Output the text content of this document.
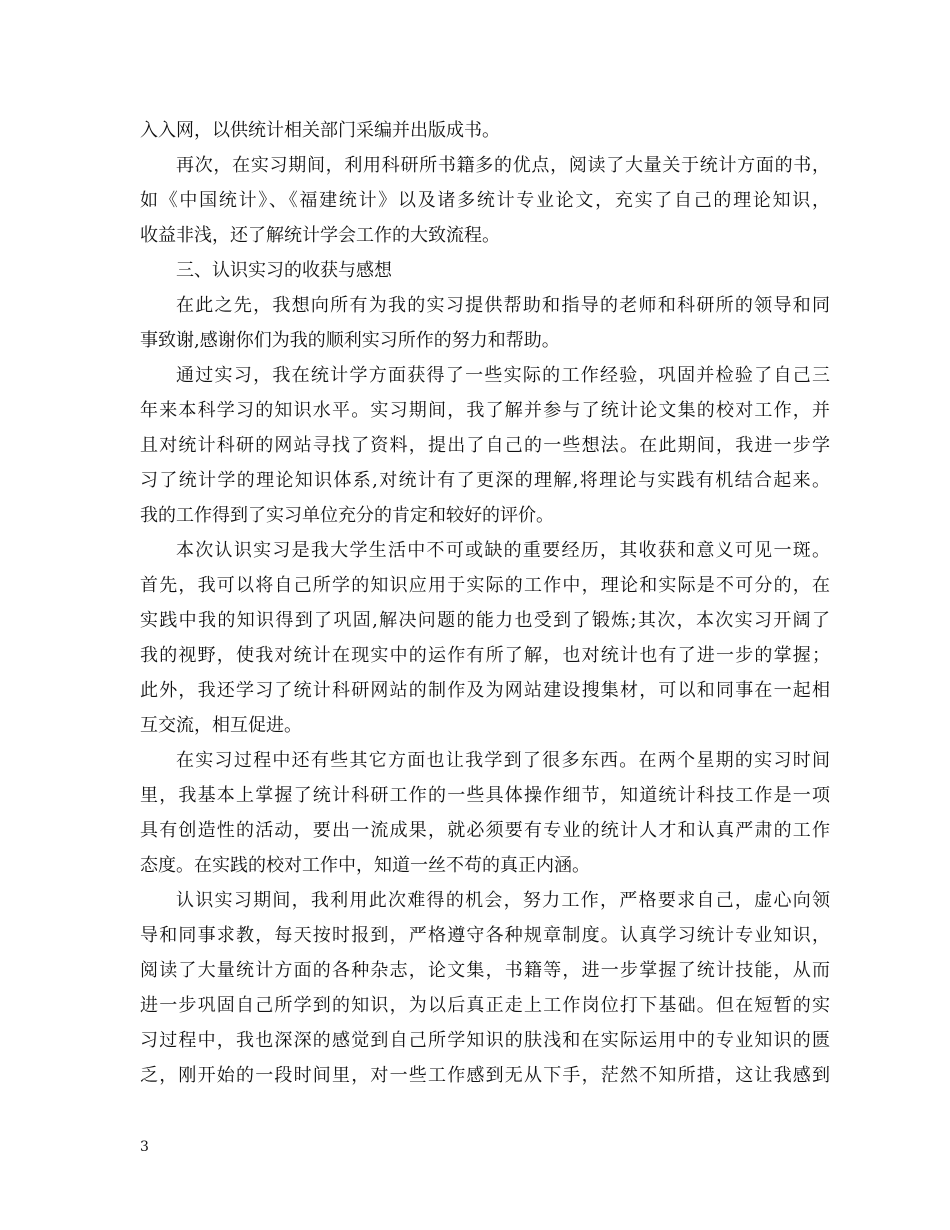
入入网，以供统计相关部门采编并出版成书。
再次，在实习期间，利用科研所书籍多的优点，阅读了大量关于统计方面的书，
如《中国统计》、《福建统计》以及诸多统计专业论文，充实了自己的理论知识，
收益非浅，还了解统计学会工作的大致流程。
三、认识实习的收获与感想
在此之先，我想向所有为我的实习提供帮助和指导的老师和科研所的领导和同
事致谢,感谢你们为我的顺利实习所作的努力和帮助。
通过实习，我在统计学方面获得了一些实际的工作经验，巩固并检验了自己三
年来本科学习的知识水平。实习期间，我了解并参与了统计论文集的校对工作，并
且对统计科研的网站寻找了资料，提出了自己的一些想法。在此期间，我进一步学
习了统计学的理论知识体系,对统计有了更深的理解,将理论与实践有机结合起来。
我的工作得到了实习单位充分的肯定和较好的评价。
本次认识实习是我大学生活中不可或缺的重要经历，其收获和意义可见一斑。
首先，我可以将自己所学的知识应用于实际的工作中，理论和实际是不可分的，在
实践中我的知识得到了巩固,解决问题的能力也受到了锻炼;其次，本次实习开阔了
我的视野，使我对统计在现实中的运作有所了解，也对统计也有了进一步的掌握；
此外，我还学习了统计科研网站的制作及为网站建设搜集材，可以和同事在一起相
互交流，相互促进。
在实习过程中还有些其它方面也让我学到了很多东西。在两个星期的实习时间
里，我基本上掌握了统计科研工作的一些具体操作细节，知道统计科技工作是一项
具有创造性的活动，要出一流成果，就必须要有专业的统计人才和认真严肃的工作
态度。在实践的校对工作中，知道一丝不苟的真正内涵。
认识实习期间，我利用此次难得的机会，努力工作，严格要求自己，虚心向领
导和同事求教，每天按时报到，严格遵守各种规章制度。认真学习统计专业知识，
阅读了大量统计方面的各种杂志，论文集，书籍等，进一步掌握了统计技能，从而
进一步巩固自己所学到的知识，为以后真正走上工作岗位打下基础。但在短暂的实
习过程中，我也深深的感觉到自己所学知识的肤浅和在实际运用中的专业知识的匮
乏，刚开始的一段时间里，对一些工作感到无从下手，茫然不知所措，这让我感到
3
